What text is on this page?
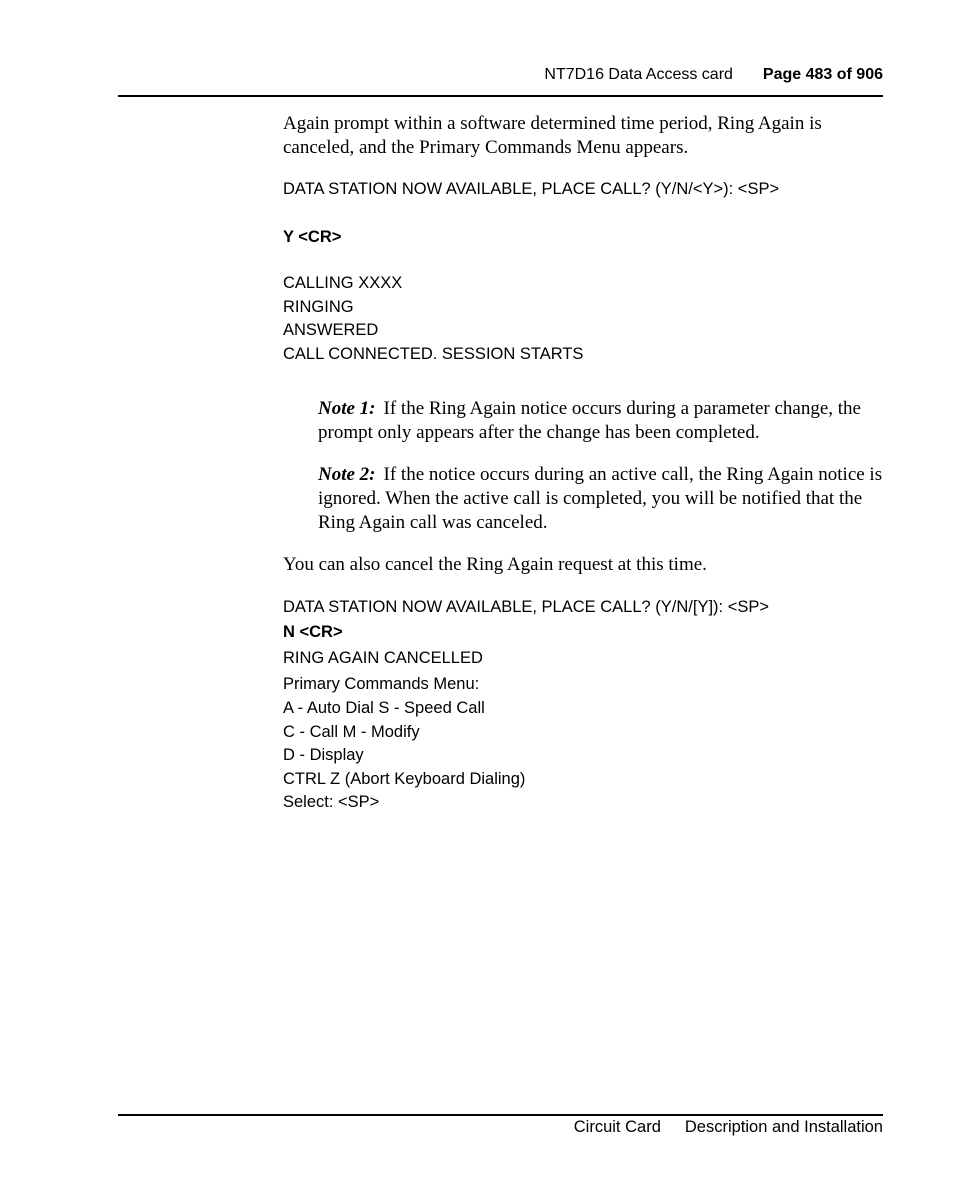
NT7D16 Data Access card Page 483 of 906

Again prompt within a software determined time period, Ring Again is canceled, and the Primary Commands Menu appears.

DATA STATION NOW AVAILABLE, PLACE CALL? (Y/N/<Y>): <SP>

Y <CR>

CALLING XXXX

RINGING

ANSWERED

CALL CONNECTED. SESSION STARTS

Note 1: If the Ring Again notice occurs during a parameter change, the prompt only appears after the change has been completed.
Note 2: If the notice occurs during an active call, the Ring Again notice is ignored. When the active call is completed, you will be notified that the Ring Again call was canceled.

You can also cancel the Ring Again request at this time.

DATA STATION NOW AVAILABLE, PLACE CALL? (Y/N/[Y]): <SP>

N <CR>

RING AGAIN CANCELLED

Primary Commands Menu:

A - Auto Dial S - Speed Call

C - Call M - Modify

D - Display

CTRL Z (Abort Keyboard Dialing)

Select: <SP>

Circuit Card Description and Installation
